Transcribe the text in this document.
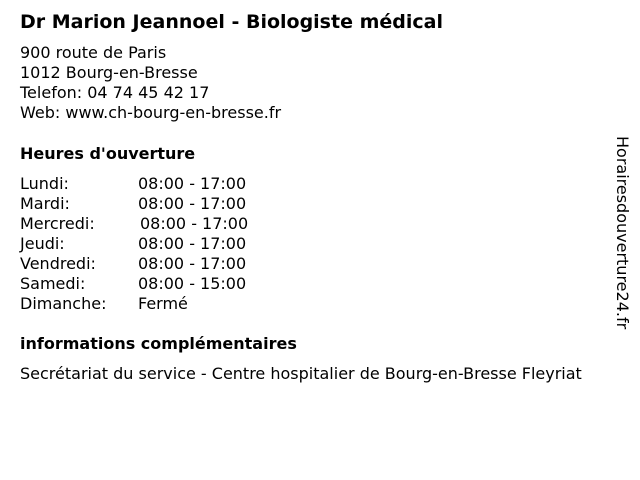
Dr Marion Jeannoel - Biologiste médical
900 route de Paris
1012 Bourg-en-Bresse
Telefon: 04 74 45 42 17
Web: www.ch-bourg-en-bresse.fr
Heures d'ouverture
Lundi:	08:00 - 17:00
Mardi:	08:00 - 17:00
Mercredi:	08:00 - 17:00
Jeudi:	08:00 - 17:00
Vendredi:	08:00 - 17:00
Samedi:	08:00 - 15:00
Dimanche: Fermé
informations complémentaires
Secrétariat du service - Centre hospitalier de Bourg-en-Bresse Fleyriat
Horairesdouverture24.fr
